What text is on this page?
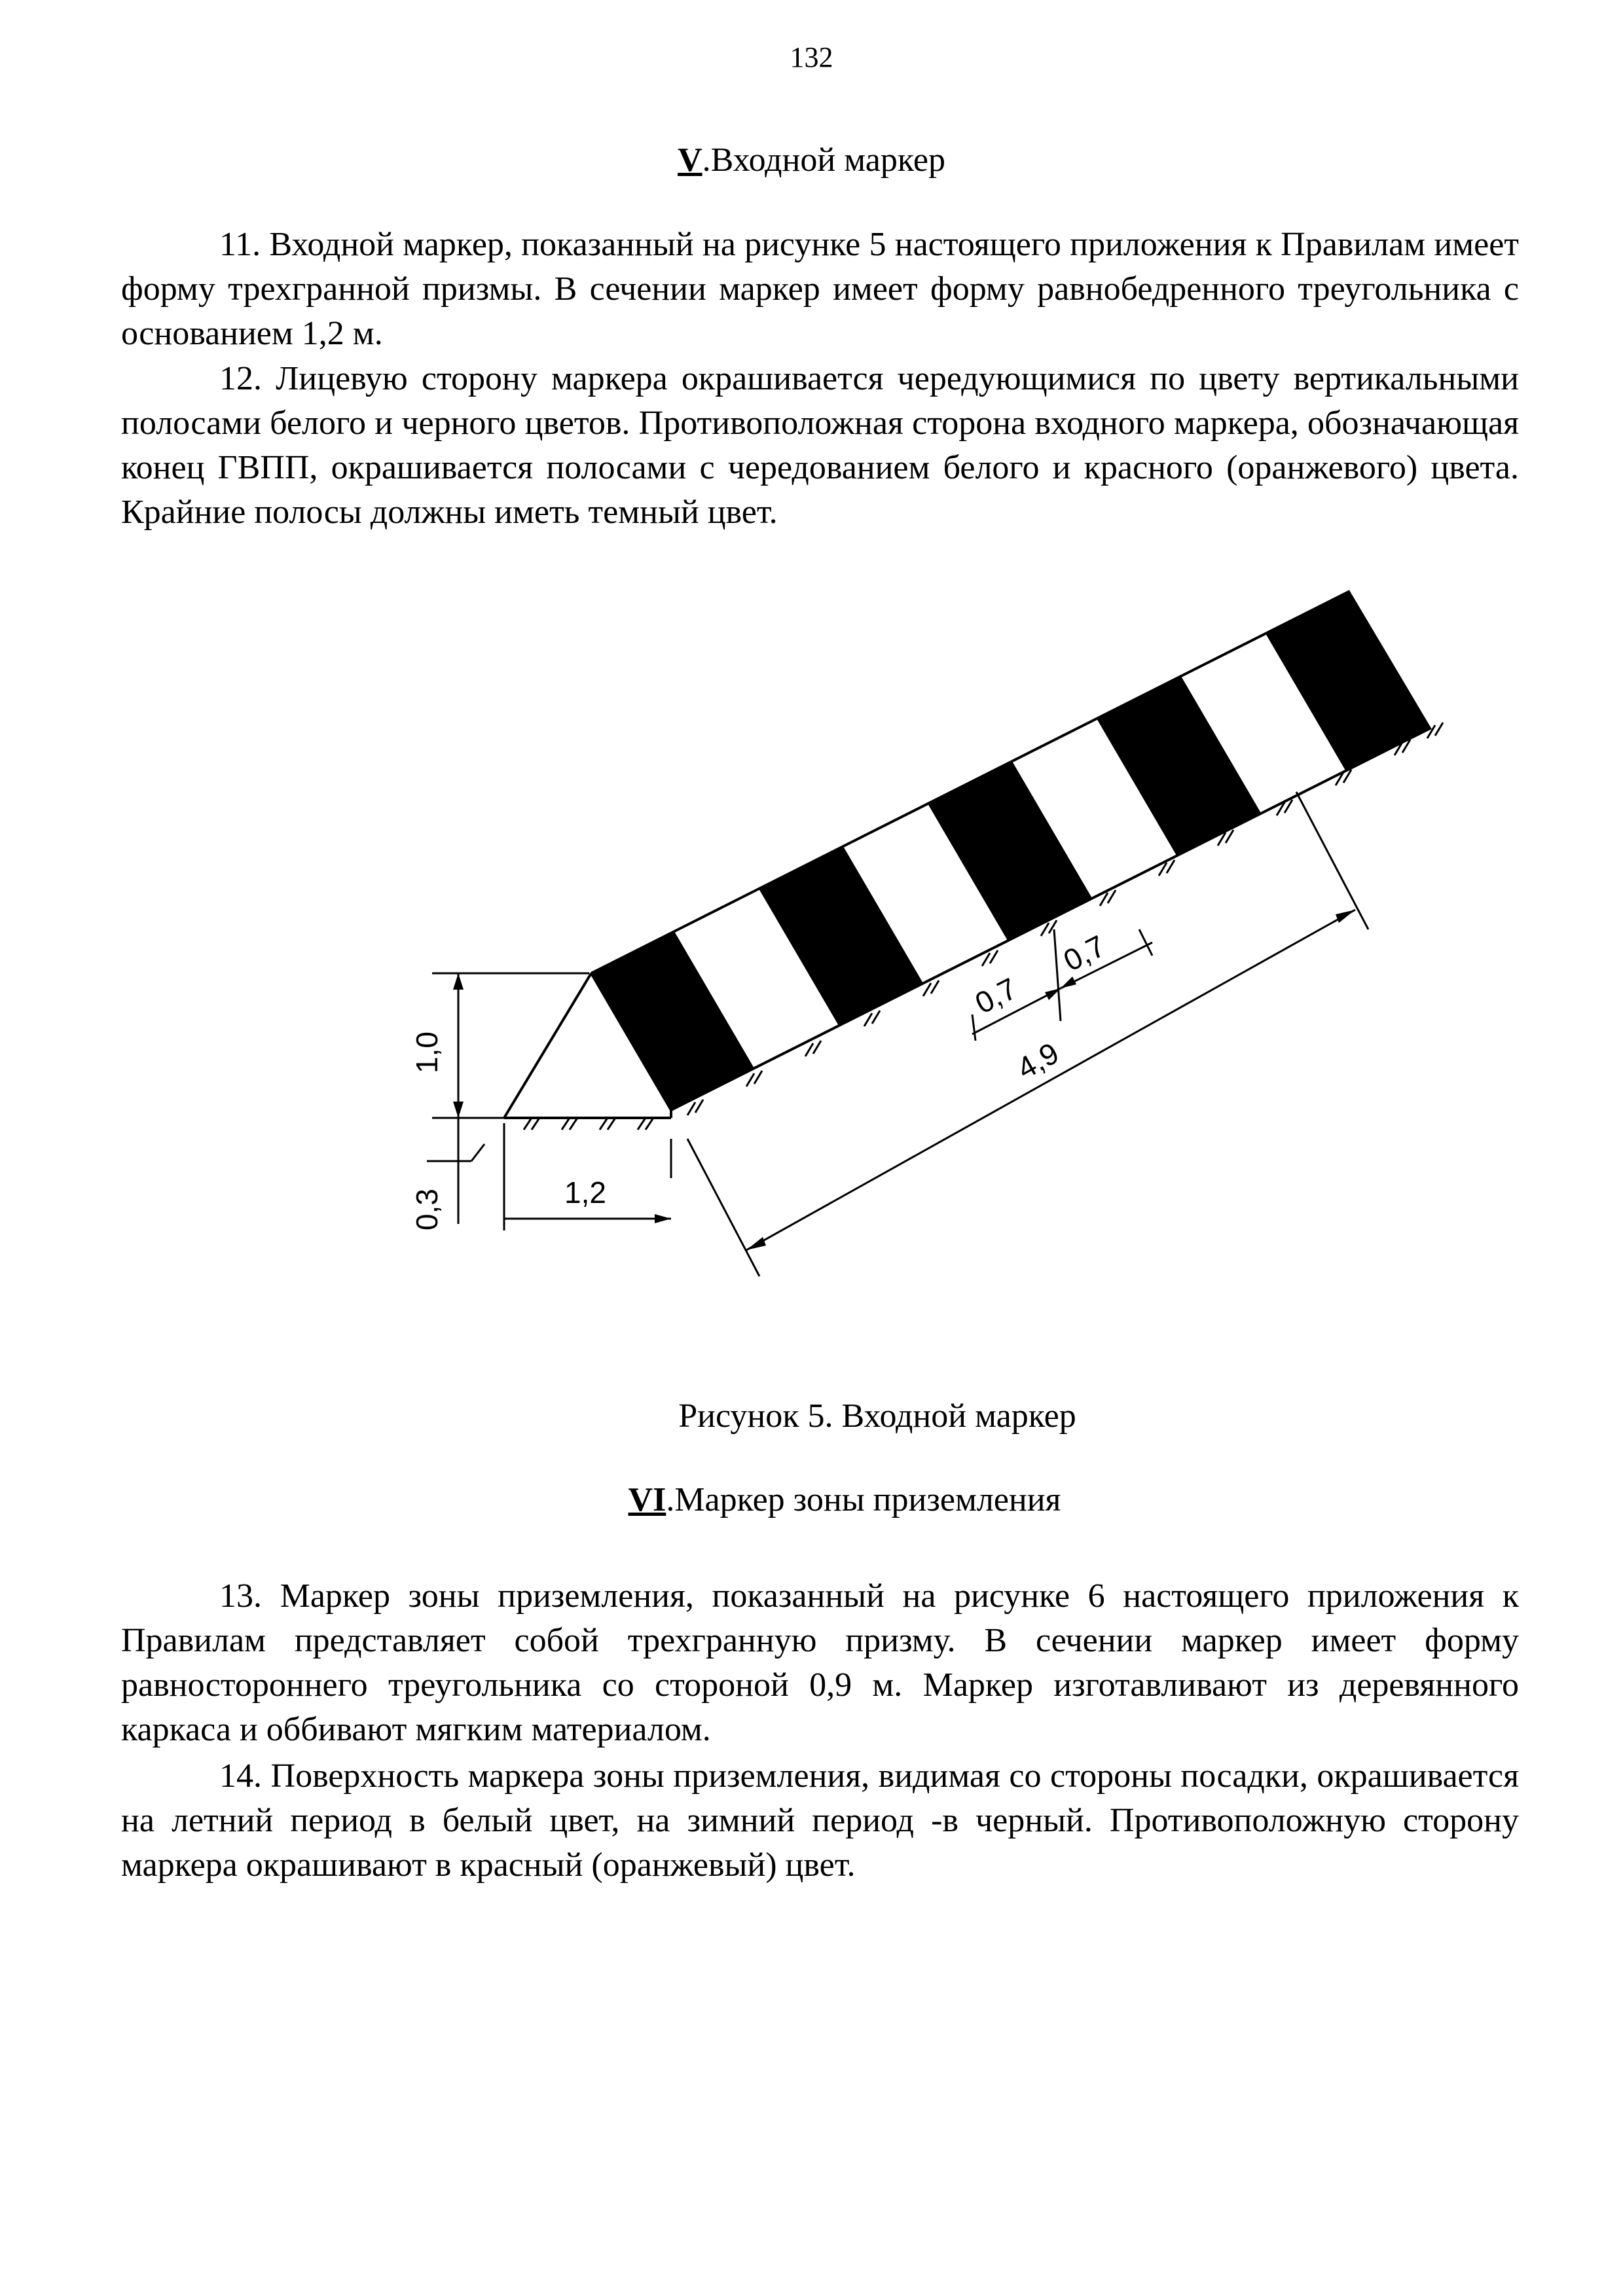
132
V.Входной маркер

11. Входной маркер, показанный на рисунке 5 настоящего приложения к Правилам имеет форму трехгранной призмы. В сечении маркер имеет форму равнобедренного треугольника с основанием 1,2 м.

12. Лицевую сторону маркера окрашивается чередующимися по цвету вертикальными полосами белого и черного цветов. Противоположная сторона входного маркера, обозначающая конец ГВПП, окрашивается полосами с чередованием белого и красного (оранжевого) цвета. Крайние полосы должны иметь темный цвет.

1,0
0,3	1,2
0,7
0,7
4,9
Рисунок 5. Входной маркер
VI.Маркер зоны приземления

13. Маркер зоны приземления, показанный на рисунке 6 настоящего приложения к Правилам представляет собой трехгранную призму. В сечении маркер имеет форму равностороннего треугольника со стороной 0,9 м. Маркер изготавливают из деревянного каркаса и оббивают мягким материалом.

14. Поверхность маркера зоны приземления, видимая со стороны посадки, окрашивается на летний период в белый цвет, на зимний период -в черный. Противоположную сторону маркера окрашивают в красный (оранжевый) цвет.
